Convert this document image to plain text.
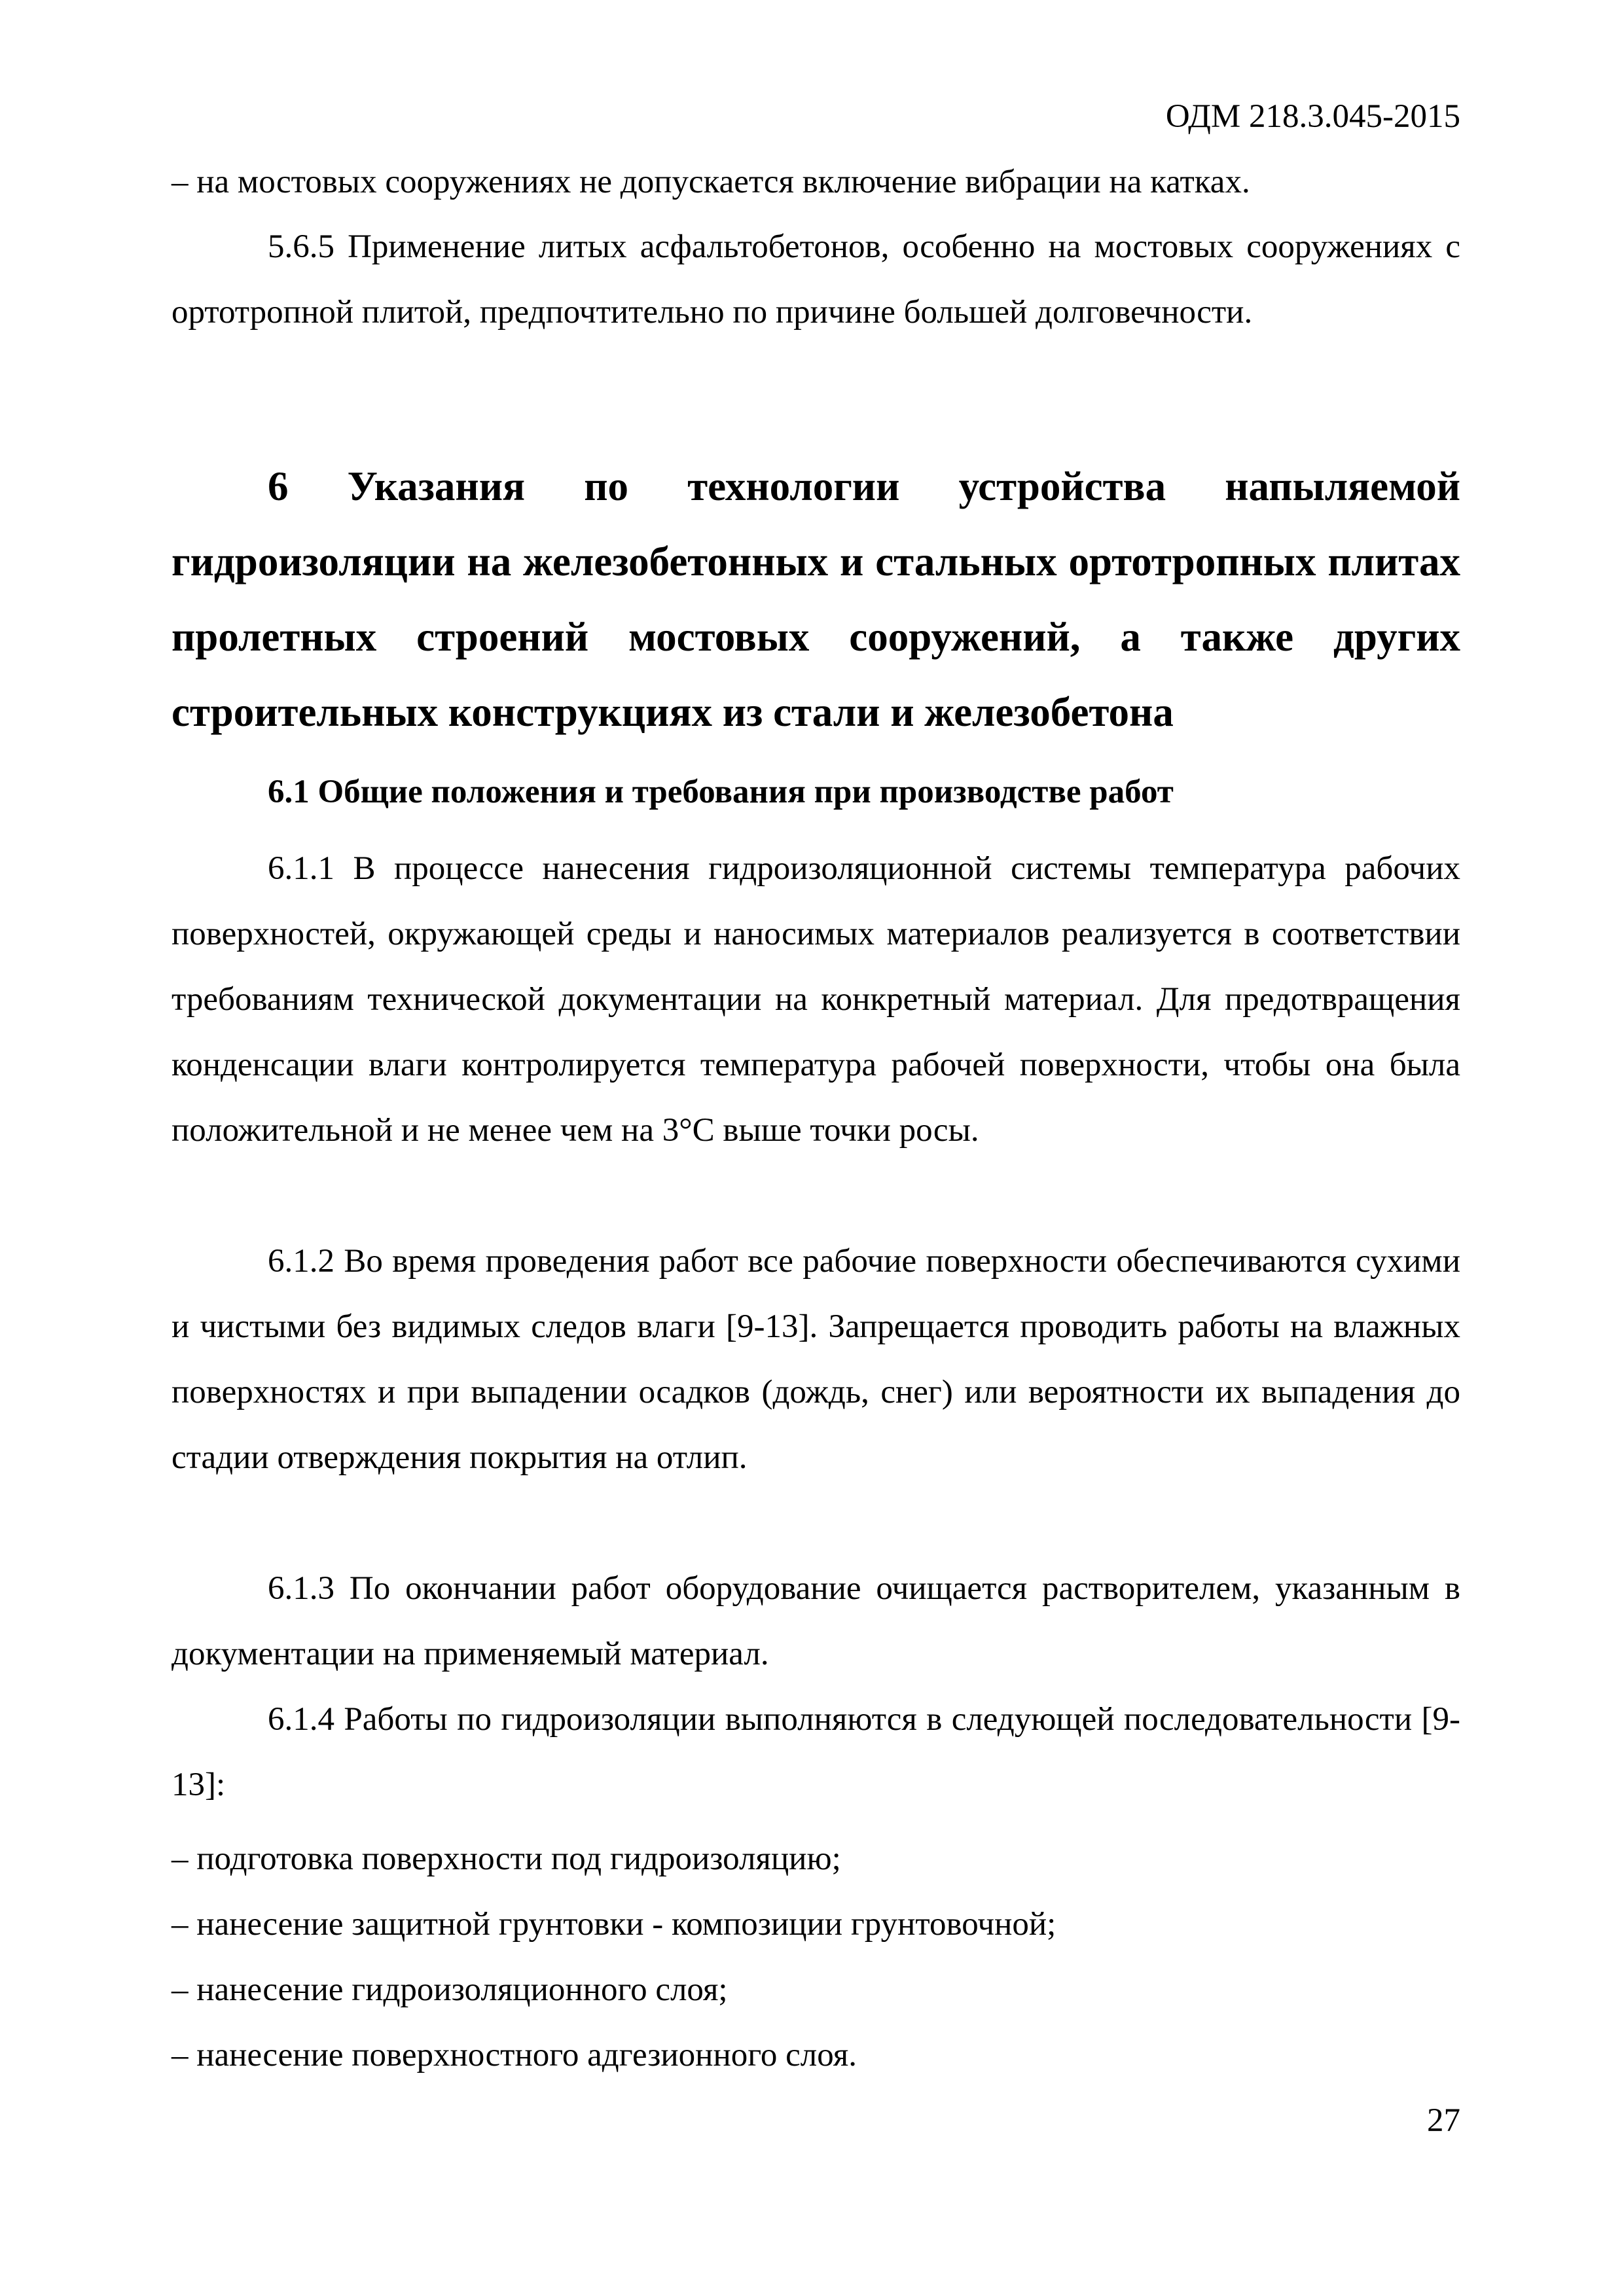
ОДМ 218.3.045-2015

– на мостовых сооружениях не допускается включение вибрации на катках.

5.6.5 Применение литых асфальтобетонов, особенно на мостовых сооружениях с ортотропной плитой, предпочтительно по причине большей долговечности.

6 Указания по технологии устройства напыляемой гидроизоляции на железобетонных и стальных ортотропных плитах пролетных строений мостовых сооружений, а также других строительных конструкциях из стали и железобетона
6.1 Общие положения и требования при производстве работ

6.1.1 В процессе нанесения гидроизоляционной системы температура рабочих поверхностей, окружающей среды и наносимых материалов реализуется в соответствии требованиям технической документации на конкретный материал. Для предотвращения конденсации влаги контролируется температура рабочей поверхности, чтобы она была положительной и не менее чем на 3°С выше точки росы.

6.1.2 Во время проведения работ все рабочие поверхности обеспечиваются сухими и чистыми без видимых следов влаги [9-13]. Запрещается проводить работы на влажных поверхностях и при выпадении осадков (дождь, снег) или вероятности их выпадения до стадии отверждения покрытия на отлип.

6.1.3 По окончании работ оборудование очищается растворителем, указанным в документации на применяемый материал.

6.1.4 Работы по гидроизоляции выполняются в следующей последовательности [9-13]:

– подготовка поверхности под гидроизоляцию;

– нанесение защитной грунтовки - композиции грунтовочной;

– нанесение гидроизоляционного слоя;

– нанесение поверхностного адгезионного слоя.

27
